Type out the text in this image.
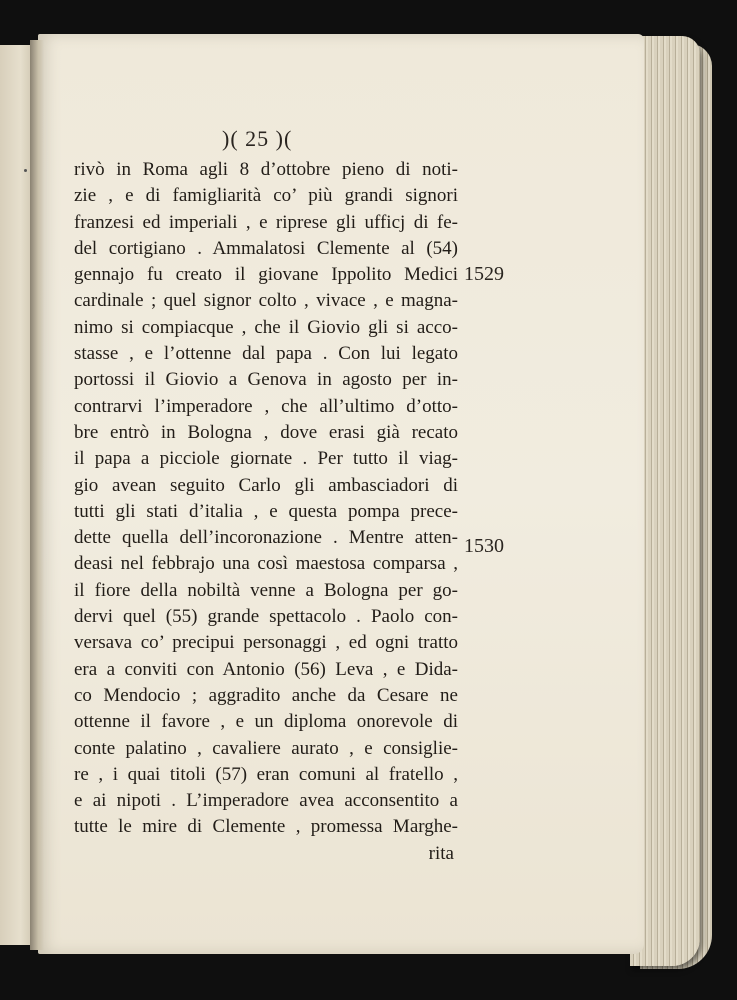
)( 25 )(
rivò in Roma agli 8 d’ottobre pieno di noti-
zie , e di famigliarità co’ più grandi signori
franzesi ed imperiali , e riprese gli ufficj di fe-
del cortigiano . Ammalatosi Clemente al (54)
gennajo fu creato il giovane Ippolito Medici
cardinale ; quel signor colto , vivace , e magna-
nimo si compiacque , che il Giovio gli si acco-
stasse , e l’ottenne dal papa . Con lui legato
portossi il Giovio a Genova in agosto per in-
contrarvi l’imperadore , che all’ultimo d’otto-
bre entrò in Bologna , dove erasi già recato
il papa a picciole giornate . Per tutto il viag-
gio avean seguito Carlo gli ambasciadori di
tutti gli stati d’italia , e questa pompa prece-
dette quella dell’incoronazione . Mentre atten-
deasi nel febbrajo una così maestosa comparsa ,
il fiore della nobiltà venne a Bologna per go-
dervi quel (55) grande spettacolo . Paolo con-
versava co’ precipui personaggi , ed ogni tratto
era a conviti con Antonio (56) Leva , e Dida-
co Mendocio ; aggradito anche da Cesare ne
ottenne il favore , e un diploma onorevole di
conte palatino , cavaliere aurato , e consiglie-
re , i quai titoli (57) eran comuni al fratello ,
e ai nipoti . L’imperadore avea acconsentito a
tutte le mire di Clemente , promessa Marghe-
rita
1529
1530
